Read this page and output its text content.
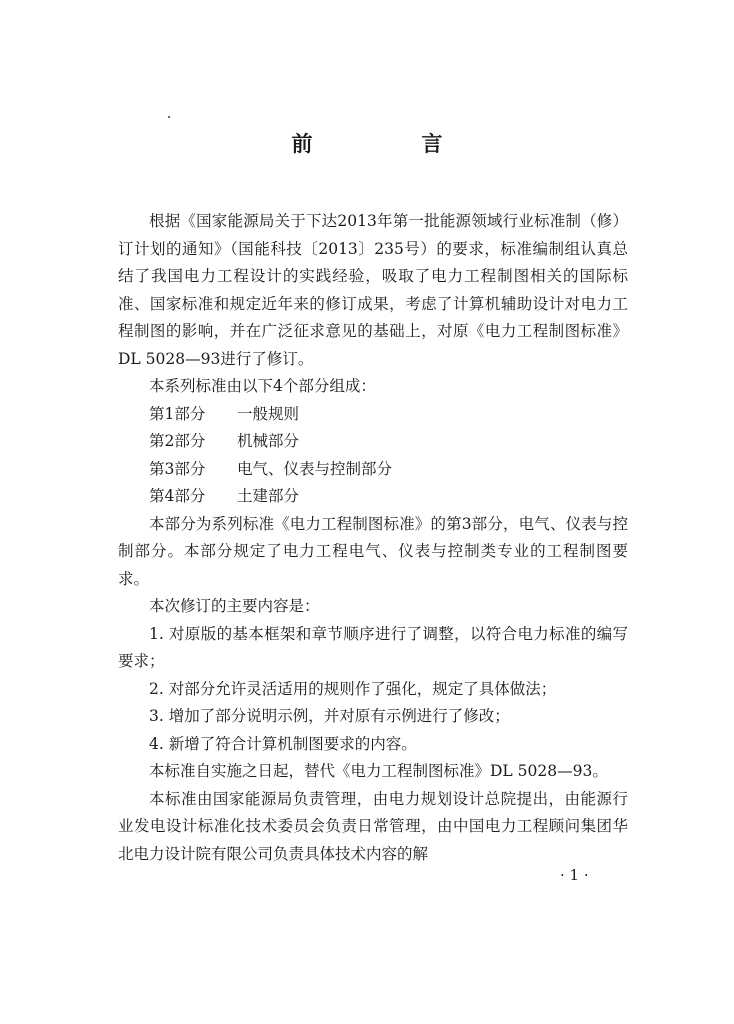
前　言

根据《国家能源局关于下达2013年第一批能源领域行业标准制（修）订计划的通知》（国能科技〔2013〕235号）的要求，标准编制组认真总结了我国电力工程设计的实践经验，吸取了电力工程制图相关的国际标准、国家标准和规定近年来的修订成果，考虑了计算机辅助设计对电力工程制图的影响，并在广泛征求意见的基础上，对原《电力工程制图标准》DL 5028—93进行了修订。

本系列标准由以下4个部分组成：

第1部分 一般规则

第2部分 机械部分

第3部分 电气、仪表与控制部分

第4部分 土建部分

本部分为系列标准《电力工程制图标准》的第3部分，电气、仪表与控制部分。本部分规定了电力工程电气、仪表与控制类专业的工程制图要求。

本次修订的主要内容是：

1. 对原版的基本框架和章节顺序进行了调整，以符合电力标准的编写要求；

2. 对部分允许灵活适用的规则作了强化，规定了具体做法；

3. 增加了部分说明示例，并对原有示例进行了修改；

4. 新增了符合计算机制图要求的内容。

本标准自实施之日起，替代《电力工程制图标准》DL 5028—93。

本标准由国家能源局负责管理，由电力规划设计总院提出，由能源行业发电设计标准化技术委员会负责日常管理，由中国电力工程顾问集团华北电力设计院有限公司负责具体技术内容的解

· 1 ·
